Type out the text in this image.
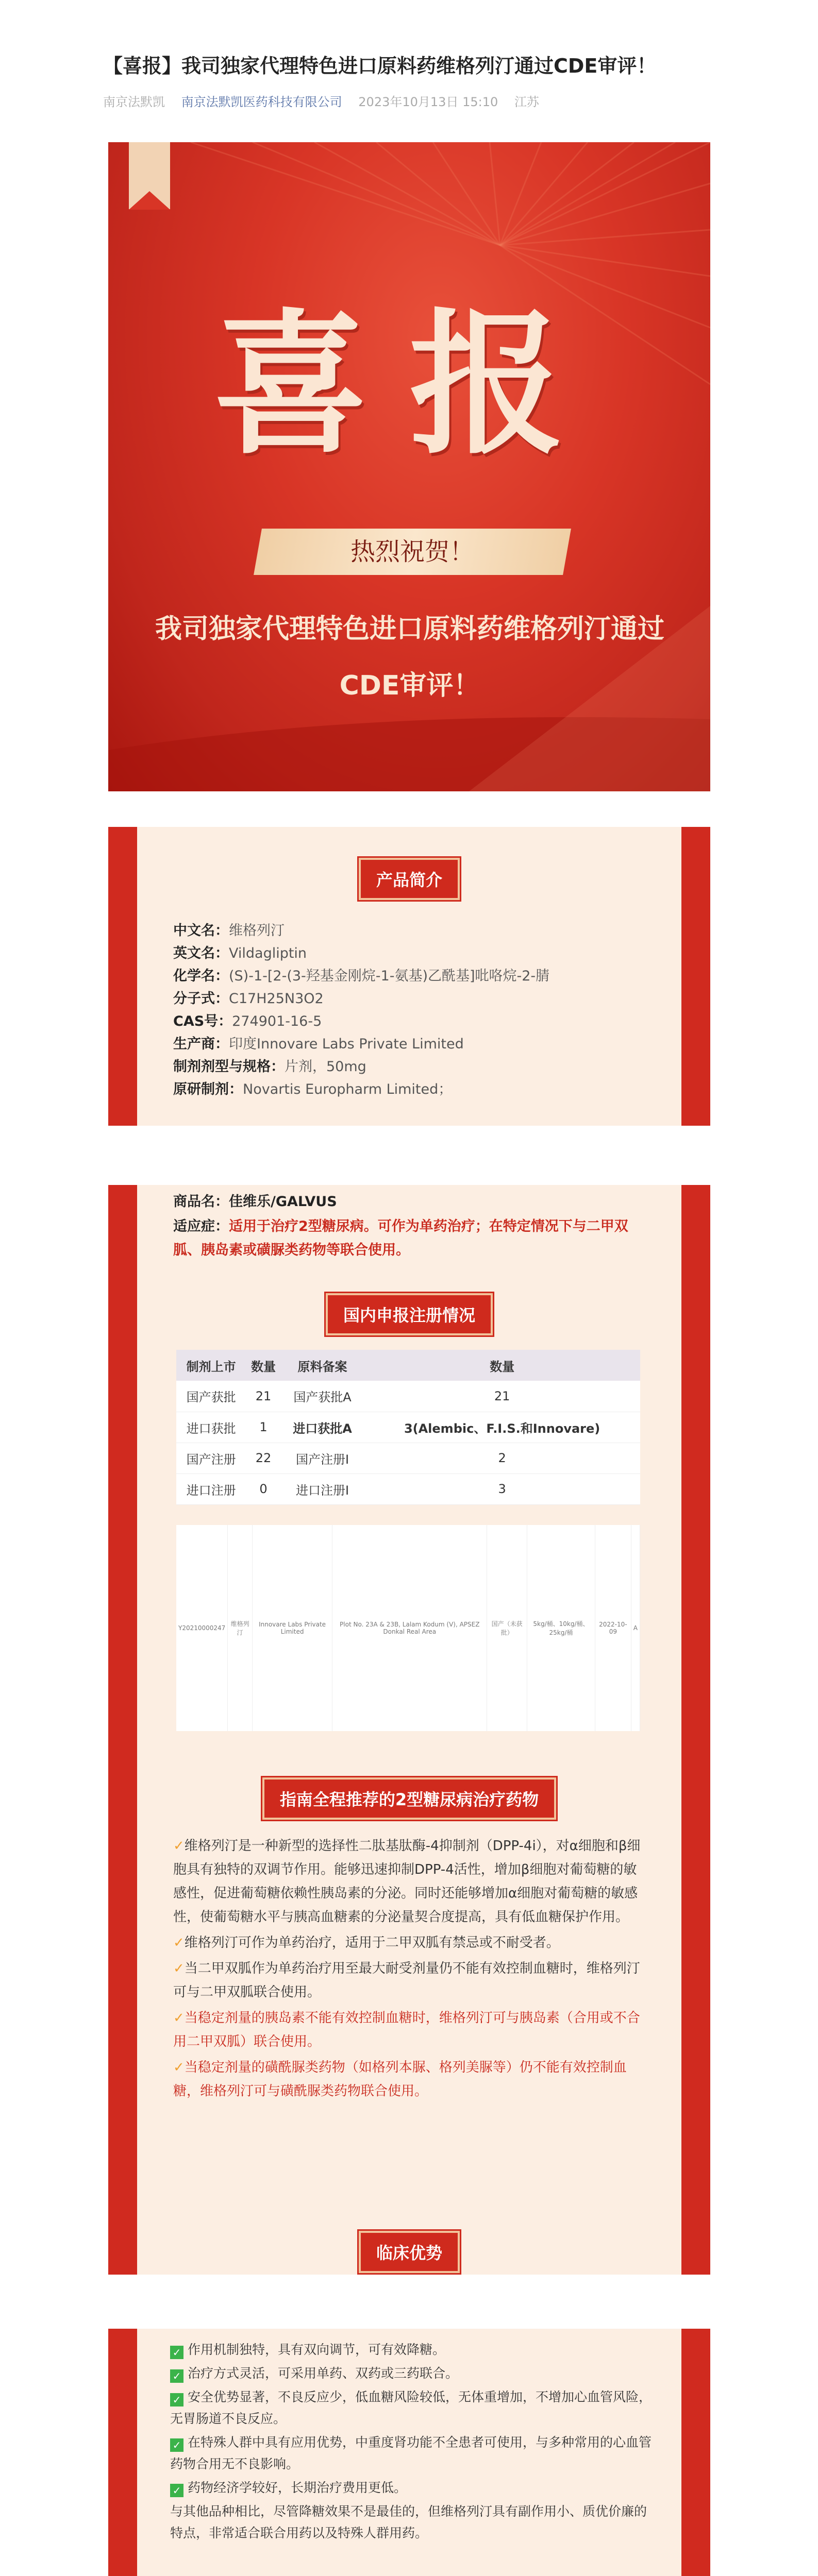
【喜报】我司独家代理特色进口原料药维格列汀通过CDE审评！
南京法默凯 南京法默凯医药科技有限公司 2023年10月13日 15:10 江苏
喜报
热烈祝贺！
我司独家代理特色进口原料药维格列汀通过
CDE审评！
产品简介
中文名： 维格列汀
英文名： Vildagliptin
化学名： (S)-1-[2-(3-羟基金刚烷-1-氨基)乙酰基]吡咯烷-2-腈
分子式： C17H25N3O2
CAS号： 274901-16-5
生产商： 印度Innovare Labs Private Limited
制剂剂型与规格： 片剂，50mg
原研制剂： Novartis Europharm Limited；
商品名：佳维乐/GALVUS
适应症：适用于治疗2型糖尿病。可作为单药治疗；在特定情况下与二甲双胍、胰岛素或磺脲类药物等联合使用。
国内申报注册情况
制剂上市	数量	原料备案	数量
国产获批	21	国产获批A	21
进口获批	1	进口获批A	3(Alembic、F.I.S.和Innovare)
国产注册	22	国产注册I	2
进口注册	0	进口注册I	3
Y20210000247	维格列汀	Innovare Labs Private Limited	Plot No. 23A & 23B, Lalam Kodum (V), APSEZ Donkal Real Area	国产（未获批）	5kg/桶、10kg/桶、25kg/桶	2022-10-09	A
指南全程推荐的2型糖尿病治疗药物

✓维格列汀是一种新型的选择性二肽基肽酶-4抑制剂（DPP-4i），对α细胞和β细胞具有独特的双调节作用。能够迅速抑制DPP-4活性，增加β细胞对葡萄糖的敏感性，促进葡萄糖依赖性胰岛素的分泌。同时还能够增加α细胞对葡萄糖的敏感性，使葡萄糖水平与胰高血糖素的分泌量契合度提高，具有低血糖保护作用。

✓维格列汀可作为单药治疗，适用于二甲双胍有禁忌或不耐受者。

✓当二甲双胍作为单药治疗用至最大耐受剂量仍不能有效控制血糖时，维格列汀可与二甲双胍联合使用。

✓当稳定剂量的胰岛素不能有效控制血糖时，维格列汀可与胰岛素（合用或不合用二甲双胍）联合使用。

✓当稳定剂量的磺酰脲类药物（如格列本脲、格列美脲等）仍不能有效控制血糖，维格列汀可与磺酰脲类药物联合使用。

临床优势

✓ 作用机制独特，具有双向调节，可有效降糖。

✓ 治疗方式灵活，可采用单药、双药或三药联合。

✓ 安全优势显著，不良反应少，低血糖风险较低，无体重增加，不增加心血管风险，无胃肠道不良反应。

✓ 在特殊人群中具有应用优势，中重度肾功能不全患者可使用，与多种常用的心血管药物合用无不良影响。

✓ 药物经济学较好，长期治疗费用更低。

与其他品种相比，尽管降糖效果不是最佳的，但维格列汀具有副作用小、质优价廉的特点，非常适合联合用药以及特殊人群用药。
